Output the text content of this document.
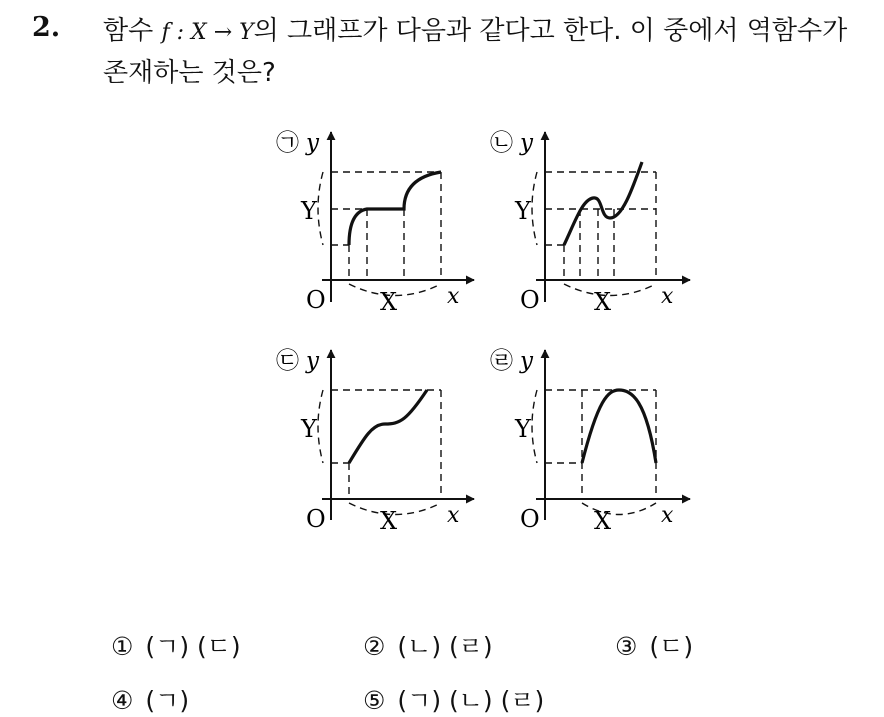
2. 함수 f : X → Y의 그래프가 다음과 같다고 한다. 이 중에서 역함수가
존재하는 것은?
㉠ y
Y
O X x
㉡ y
Y
O X x
㉢ y
Y
O X x
㉣ y
Y
O X x
① (ㄱ) (ㄷ)	② (ㄴ) (ㄹ)	③ (ㄷ)
④ (ㄱ)	⑤ (ㄱ) (ㄴ) (ㄹ)
